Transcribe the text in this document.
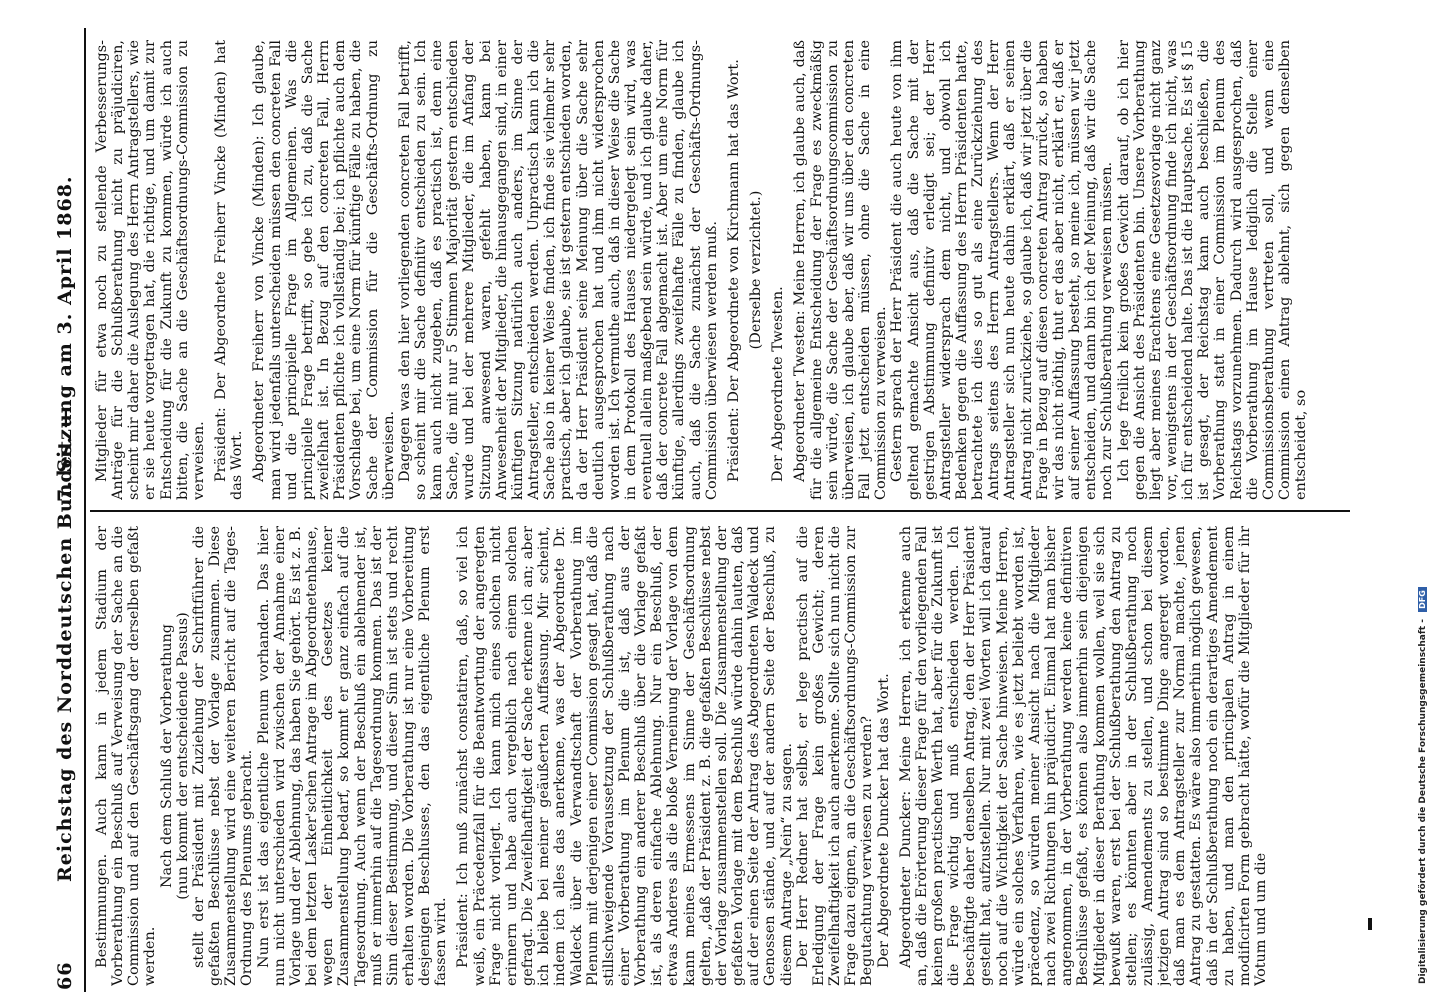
66
Reichstag des Norddeutschen Bundes. —
7. Sitzung am 3. April 1868.

Bestimmungen. Auch kann in jedem Stadium der Vorberathung ein Beschluß auf Verweisung der Sache an die Commission und auf den Geschäftsgang der derselben gefaßt werden.

Nach dem Schluß der Vorberathung (nun kommt der entscheidende Passus) stellt der Präsident mit Zuziehung der Schriftführer die gefaßten Beschlüsse nebst der Vorlage zusammen. Diese Zusammenstellung wird eine weiteren Bericht auf die Tages-Ordnung des Plenums gebracht. Nun erst ist das eigentliche Plenum vorhanden. Das hier nun nicht unterschieden wird zwischen der Annahme einer Vorlage und der Ablehnung, das haben Sie gehört. Es ist z. B. bei dem letzten Lasker'schen Antrage im Abgeordnetenhause, wegen der Einheitlichkeit des Gesetzes keiner Zusammenstellung bedarf, so kommt er ganz einfach auf die Tagesordnung. Auch wenn der Beschluß ein ablehnender ist, muß er immerhin auf die Tagesordnung kommen. Das ist der Sinn dieser Bestimmung, und dieser Sinn ist stets und recht erhalten worden. Die Vorberathung ist nur eine Vorbereitung desjenigen Beschlusses, den das eigentliche Plenum erst fassen wird. Präsident: Ich muß zunächst constatiren, daß, so viel ich weiß, ein Präcedenzfall für die Beantwortung der angeregten Frage nicht vorliegt. Ich kann mich eines solchen nicht erinnern und habe auch vergeblich nach einem solchen gefragt. Die Zweifelhaftigkeit der Sache erkenne ich an; aber ich bleibe bei meiner geäußerten Auffassung. Mir scheint, indem ich alles das anerkenne, was der Abgeordnete Dr. Waldeck über die Verwandtschaft der Vorberathung im Plenum mit derjenigen einer Commission gesagt hat, daß die stillschweigende Voraussetzung der Schlußberathung nach einer Vorberathung im Plenum die ist, daß aus der Vorberathung ein anderer Beschluß über die Vorlage gefaßt ist, als deren einfache Ablehnung. Nur ein Beschluß, der etwas Anderes als die bloße Verneinung der Vorlage von dem kann meines Ermessens im Sinne der Geschäftsordnung gelten, „daß der Präsident z. B. die gefaßten Beschlüsse nebst der Vorlage zusammenstellen soll. Die Zusammenstellung der gefaßten Vorlage mit dem Beschluß würde dahin lauten, daß auf der einen Seite der Antrag des Abgeordneten Waldeck und Genossen stände, und auf der andern Seite der Beschluß, zu diesem Antrage „Nein“ zu sagen. Der Herr Redner hat selbst, er lege practisch auf die Erledigung der Frage kein großes Gewicht; deren Zweifelhaftigkeit ich auch anerkenne. Sollte sich nun nicht die Frage dazu eignen, an die Geschäftsordnungs-Commission zur Begutachtung verwiesen zu werden? Der Abgeordnete Duncker hat das Wort. Abgeordneter Duncker: Meine Herren, ich erkenne auch an, daß die Erörterung dieser Frage für den vorliegenden Fall keinen großen practischen Werth hat, aber für die Zukunft ist die Frage wichtig und muß entschieden werden. Ich beschäftigte daher denselben Antrag, den der Herr Präsident gestellt hat, aufzustellen. Nur mit zwei Worten will ich darauf noch auf die Wichtigkeit der Sache hinweisen. Meine Herren, würde ein solches Verfahren, wie es jetzt beliebt worden ist, präcedenz, so würden meiner Ansicht nach die Mitglieder nach zwei Richtungen hin präjudicirt. Einmal hat man bisher angenommen, in der Vorberathung werden keine definitiven Beschlüsse gefaßt, es können also immerhin sein diejenigen Mitglieder in dieser Berathung kommen wollen, weil sie sich bewußt waren, erst bei der Schlußberathung den Antrag zu stellen; es könnten aber in der Schlußberathung noch zulässig, Amendements zu stellen, und schon bei diesem jetzigen Antrag sind so bestimmte Dinge angeregt worden, daß man es dem Antragsteller zur Normal machte, jenen Antrag zu gestatten. Es wäre also immerhin möglich gewesen, daß in der Schlußberathung noch ein derartiges Amendement zu haben, und man den principalen Antrag in einem modificirten Form gebracht hätte, wofür die Mitglieder für ihr Votum und um die

Mitglieder für etwa noch zu stellende Verbesserungs-Anträge für die Schlußberathung nicht zu präjudiciren, scheint mir daher die Auslegung des Herrn Antragstellers, wie er sie heute vorgetragen hat, die richtige, und um damit zur Entscheidung für die Zukunft zu kommen, würde ich auch bitten, die Sache an die Geschäftsordnungs-Commission zu verweisen. Präsident: Der Abgeordnete Freiherr Vincke (Minden) hat das Wort. Abgeordneter Freiherr von Vincke (Minden): Ich glaube, man wird jedenfalls unterscheiden müssen den concreten Fall und die principielle Frage im Allgemeinen. Was die principielle Frage betrifft, so gebe ich zu, daß die Sache zweifelhaft ist. In Bezug auf den concreten Fall, Herrn Präsidenten pflichte ich vollständig bei; ich pflichte auch dem Vorschlage bei, um eine Norm für künftige Fälle zu haben, die Sache der Commission für die Geschäfts-Ordnung zu überweisen. Dagegen was den hier vorliegenden concreten Fall betrifft, so scheint mir die Sache definitiv entschieden zu sein. Ich kann auch nicht zugeben, daß es practisch ist, denn eine Sache, die mit nur 5 Stimmen Majorität gestern entschieden wurde und bei der mehrere Mitglieder, die im Anfang der Sitzung anwesend waren, gefehlt haben, kann bei Anwesenheit der Mitglieder, die hinausgegangen sind, in einer künftigen Sitzung natürlich auch anders, im Sinne der Antragsteller, entschieden werden. Unpractisch kann ich die Sache also in keiner Weise finden, ich finde sie vielmehr sehr practisch, aber ich glaube, sie ist gestern entschieden worden, da der Herr Präsident seine Meinung über die Sache sehr deutlich ausgesprochen hat und ihm nicht widersprochen worden ist. Ich vermuthe auch, daß in dieser Weise die Sache in dem Protokoll des Hauses niedergelegt sein wird, was eventuell allein maßgebend sein würde, und ich glaube daher, daß der concrete Fall abgemacht ist. Aber um eine Norm für künftige, allerdings zweifelhafte Fälle zu finden, glaube ich auch, daß die Sache zunächst der Geschäfts-Ordnungs-Commission überwiesen werden muß. Präsident: Der Abgeordnete von Kirchmann hat das Wort. (Derselbe verzichtet.)

Der Abgeordnete Twesten. Abgeordneter Twesten: Meine Herren, ich glaube auch, daß für die allgemeine Entscheidung der Frage es zweckmäßig sein würde, die Sache der Geschäftsordnungscommission zu überweisen, ich glaube aber, daß wir uns über den concreten Fall jetzt entscheiden müssen, ohne die Sache in eine Commission zu verweisen. Gestern sprach der Herr Präsident die auch heute von ihm geltend gemachte Ansicht aus, daß die Sache mit der gestrigen Abstimmung definitiv erledigt sei; der Herr Antragsteller widersprach dem nicht, und obwohl ich Bedenken gegen die Auffassung des Herrn Präsidenten hatte, betrachtete ich dies so gut als eine Zurückziehung des Antrags seitens des Herrn Antragstellers. Wenn der Herr Antragsteller sich nun heute dahin erklärt, daß er seinen Antrag nicht zurückziehe, so glaube ich, daß wir jetzt über die Frage in Bezug auf diesen concreten Antrag zurück, so haben wir das nicht nöthig, thut er das aber nicht, erklärt er, daß er auf seiner Auffassung besteht, so meine ich, müssen wir jetzt entscheiden, und dann bin ich der Meinung, daß wir die Sache noch zur Schlußberathung verweisen müssen. Ich lege freilich kein großes Gewicht darauf, ob ich hier gegen die Ansicht des Präsidenten bin. Unsere Vorberathung liegt aber meines Erachtens eine Gesetzesvorlage nicht ganz vor, wenigstens in der Geschäftsordnung finde ich nicht, was ich für entscheidend halte. Das ist die Hauptsache. Es ist § 15 ist gesagt, der Reichstag kann auch beschließen, die Vorberathung statt in einer Commission im Plenum des Reichstags vorzunehmen. Dadurch wird ausgesprochen, daß die Vorberathung im Hause lediglich die Stelle einer Commissionsberathung vertreten soll, und wenn eine Commission einen Antrag ablehnt, sich gegen denselben entscheidet, so

Digitalisierung gefördert durch die Deutsche Forschungsgemeinschaft - DFG
